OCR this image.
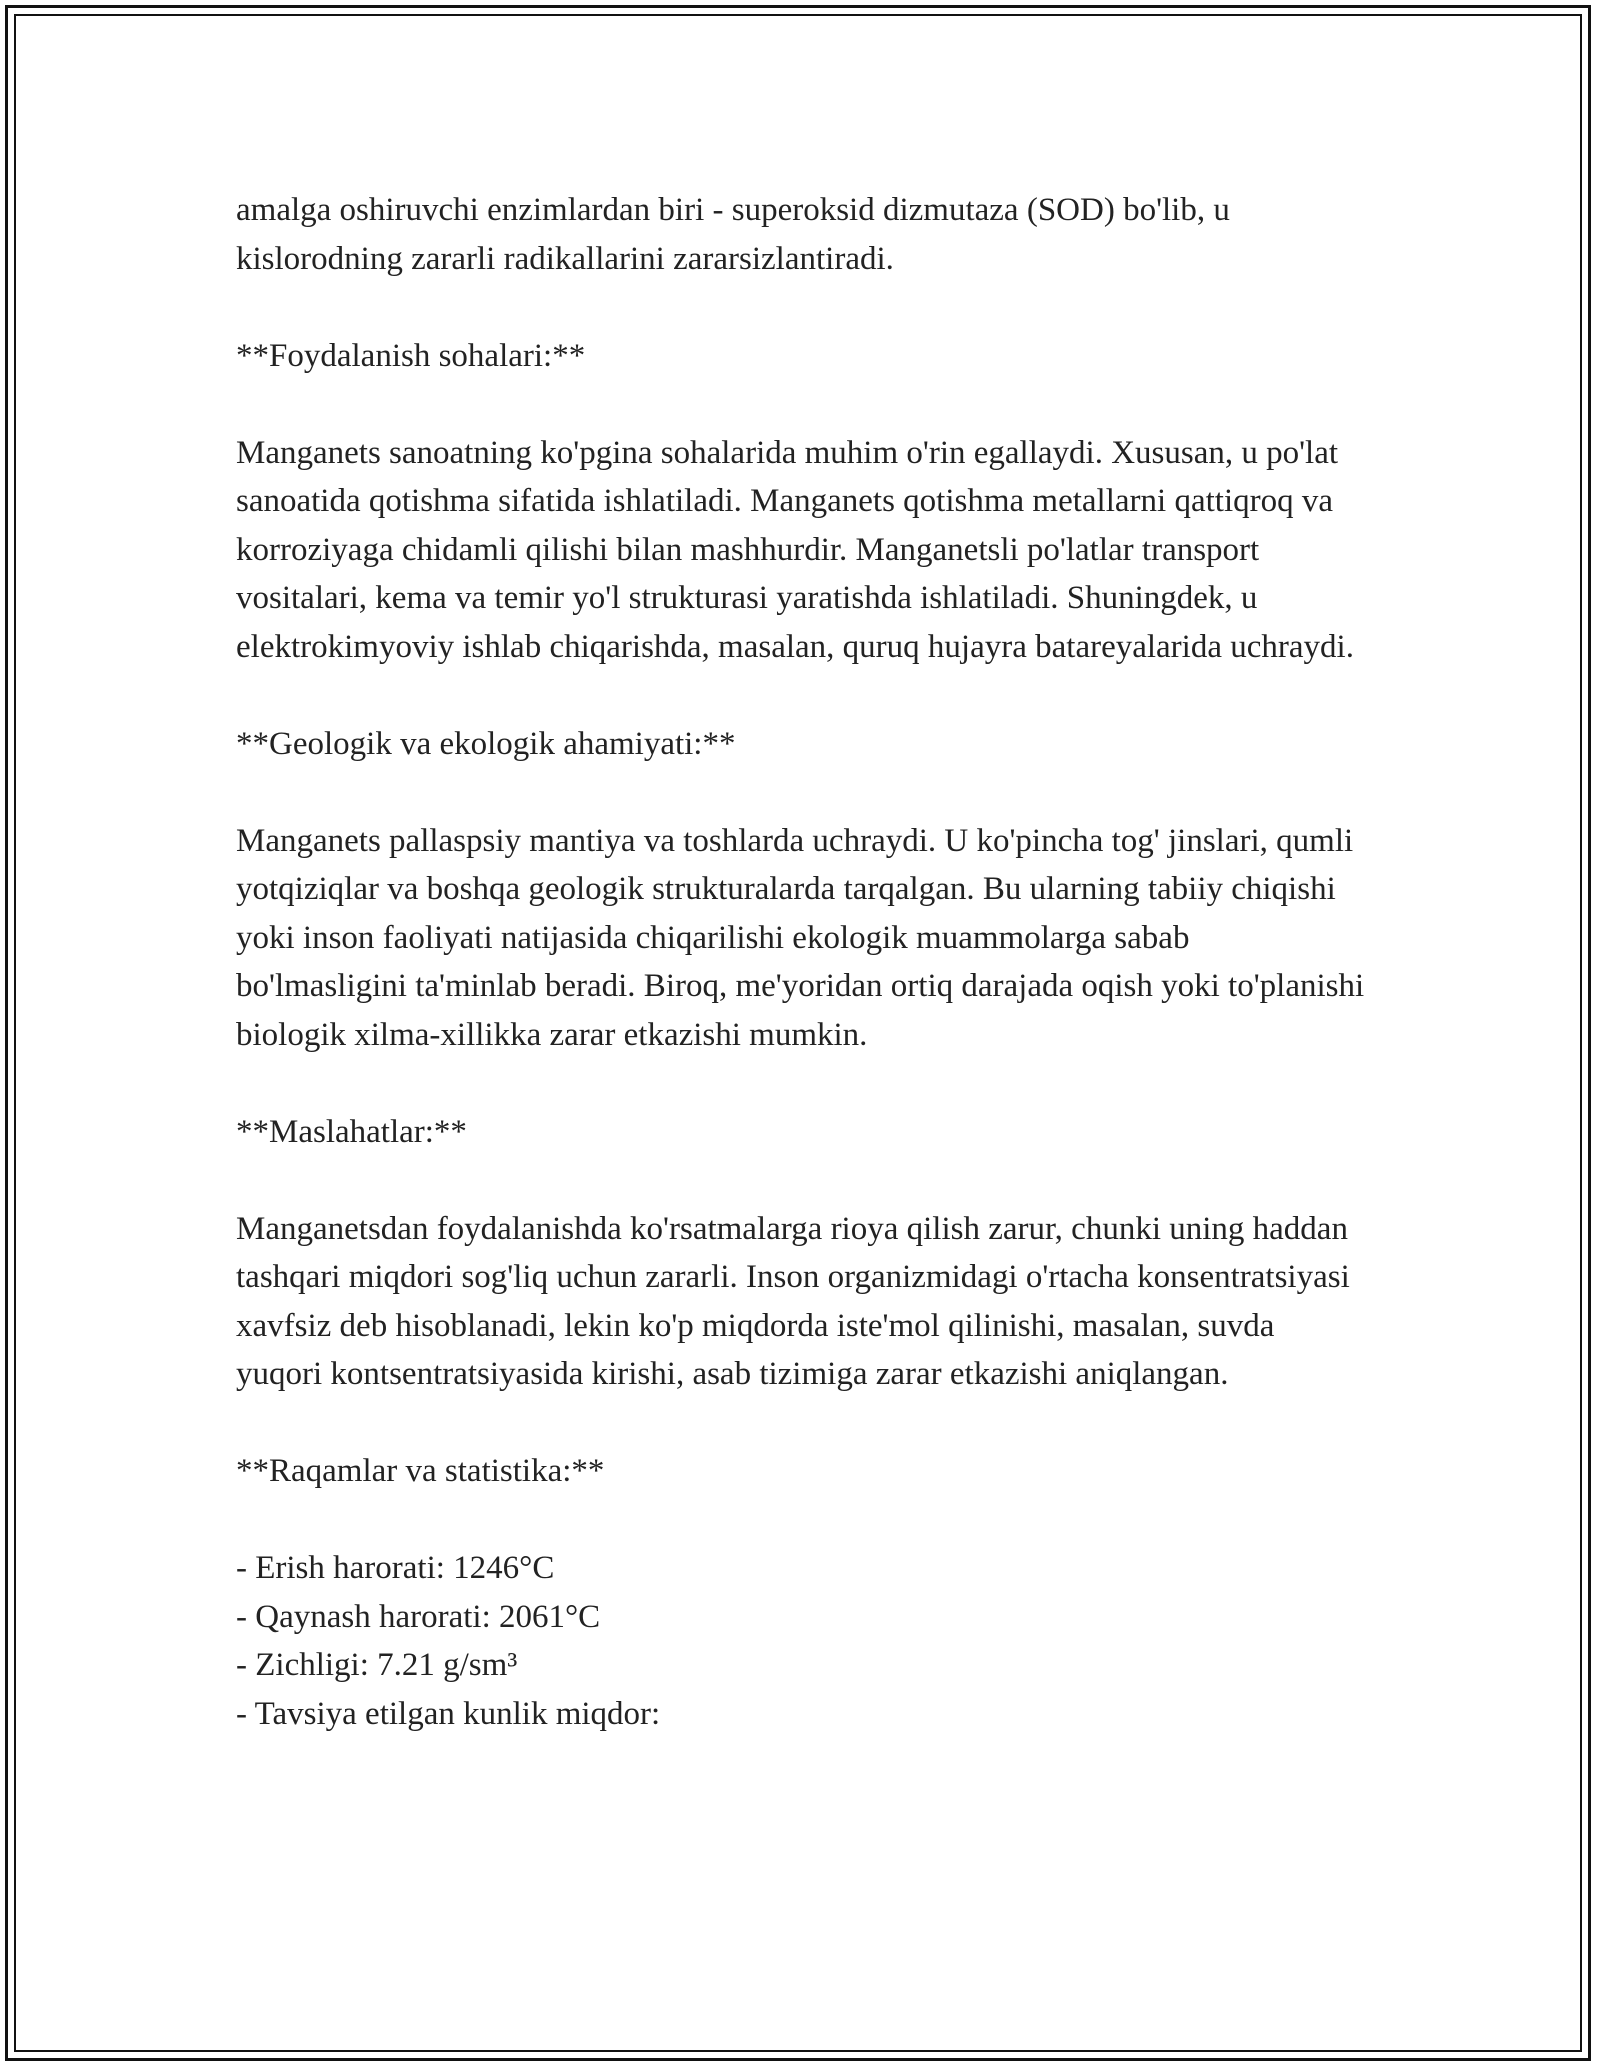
amalga oshiruvchi enzimlardan biri - superoksid dizmutaza (SOD) bo'lib, u kislorodning zararli radikallarini zararsizlantiradi.

**Foydalanish sohalari:**

Manganets sanoatning ko'pgina sohalarida muhim o'rin egallaydi. Xususan, u po'lat sanoatida qotishma sifatida ishlatiladi. Manganets qotishma metallarni qattiqroq va korroziyaga chidamli qilishi bilan mashhurdir. Manganetsli po'latlar transport vositalari, kema va temir yo'l strukturasi yaratishda ishlatiladi. Shuningdek, u elektrokimyoviy ishlab chiqarishda, masalan, quruq hujayra batareyalarida uchraydi.

**Geologik va ekologik ahamiyati:**

Manganets pallaspsiy mantiya va toshlarda uchraydi. U ko'pincha tog' jinslari, qumli yotqiziqlar va boshqa geologik strukturalarda tarqalgan. Bu ularning tabiiy chiqishi yoki inson faoliyati natijasida chiqarilishi ekologik muammolarga sabab bo'lmasligini ta'minlab beradi. Biroq, me'yoridan ortiq darajada oqish yoki to'planishi biologik xilma-xillikka zarar etkazishi mumkin.

**Maslahatlar:**

Manganetsdan foydalanishda ko'rsatmalarga rioya qilish zarur, chunki uning haddan tashqari miqdori sog'liq uchun zararli. Inson organizmidagi o'rtacha konsentratsiyasi xavfsiz deb hisoblanadi, lekin ko'p miqdorda iste'mol qilinishi, masalan, suvda yuqori kontsentratsiyasida kirishi, asab tizimiga zarar etkazishi aniqlangan.

**Raqamlar va statistika:**

- Erish harorati: 1246°C

- Qaynash harorati: 2061°C

- Zichligi: 7.21 g/sm³

- Tavsiya etilgan kunlik miqdor:
